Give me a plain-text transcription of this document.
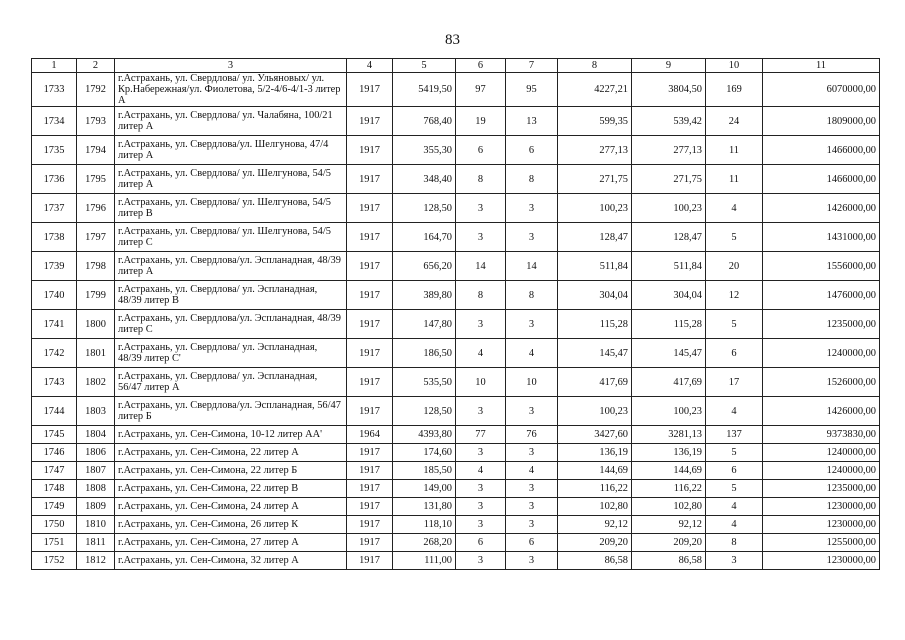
83
1	2	3	4	5	6	7	8	9	10	11
1733	1792	г.Астрахань, ул. Свердлова/ ул. Ульяновых/ ул. Кр.Набережная/ул. Фиолетова, 5/2-4/6-4/1-3 литер А	1917	5419,50	97	95	4227,21	3804,50	169	6070000,00
1734	1793	г.Астрахань, ул. Свердлова/ ул. Чалабяна, 100/21 литер А	1917	768,40	19	13	599,35	539,42	24	1809000,00
1735	1794	г.Астрахань, ул. Свердлова/ул. Шелгунова, 47/4 литер А	1917	355,30	6	6	277,13	277,13	11	1466000,00
1736	1795	г.Астрахань, ул. Свердлова/ ул. Шелгунова, 54/5 литер А	1917	348,40	8	8	271,75	271,75	11	1466000,00
1737	1796	г.Астрахань, ул. Свердлова/ ул. Шелгунова, 54/5 литер В	1917	128,50	3	3	100,23	100,23	4	1426000,00
1738	1797	г.Астрахань, ул. Свердлова/ ул. Шелгунова, 54/5 литер С	1917	164,70	3	3	128,47	128,47	5	1431000,00
1739	1798	г.Астрахань, ул. Свердлова/ул. Эспланадная, 48/39 литер А	1917	656,20	14	14	511,84	511,84	20	1556000,00
1740	1799	г.Астрахань, ул. Свердлова/ ул. Эспланадная, 48/39 литер В	1917	389,80	8	8	304,04	304,04	12	1476000,00
1741	1800	г.Астрахань, ул. Свердлова/ул. Эспланадная, 48/39 литер С	1917	147,80	3	3	115,28	115,28	5	1235000,00
1742	1801	г.Астрахань, ул. Свердлова/ ул. Эспланадная, 48/39 литер С'	1917	186,50	4	4	145,47	145,47	6	1240000,00
1743	1802	г.Астрахань, ул. Свердлова/ ул. Эспланадная, 56/47 литер А	1917	535,50	10	10	417,69	417,69	17	1526000,00
1744	1803	г.Астрахань, ул. Свердлова/ул. Эспланадная, 56/47 литер Б	1917	128,50	3	3	100,23	100,23	4	1426000,00
1745	1804	г.Астрахань, ул. Сен-Симона, 10-12 литер АА'	1964	4393,80	77	76	3427,60	3281,13	137	9373830,00
1746	1806	г.Астрахань, ул. Сен-Симона, 22 литер А	1917	174,60	3	3	136,19	136,19	5	1240000,00
1747	1807	г.Астрахань, ул. Сен-Симона, 22 литер Б	1917	185,50	4	4	144,69	144,69	6	1240000,00
1748	1808	г.Астрахань, ул. Сен-Симона, 22 литер В	1917	149,00	3	3	116,22	116,22	5	1235000,00
1749	1809	г.Астрахань, ул. Сен-Симона, 24 литер А	1917	131,80	3	3	102,80	102,80	4	1230000,00
1750	1810	г.Астрахань, ул. Сен-Симона, 26 литер К	1917	118,10	3	3	92,12	92,12	4	1230000,00
1751	1811	г.Астрахань, ул. Сен-Симона, 27 литер А	1917	268,20	6	6	209,20	209,20	8	1255000,00
1752	1812	г.Астрахань, ул. Сен-Симона, 32 литер А	1917	111,00	3	3	86,58	86,58	3	1230000,00
